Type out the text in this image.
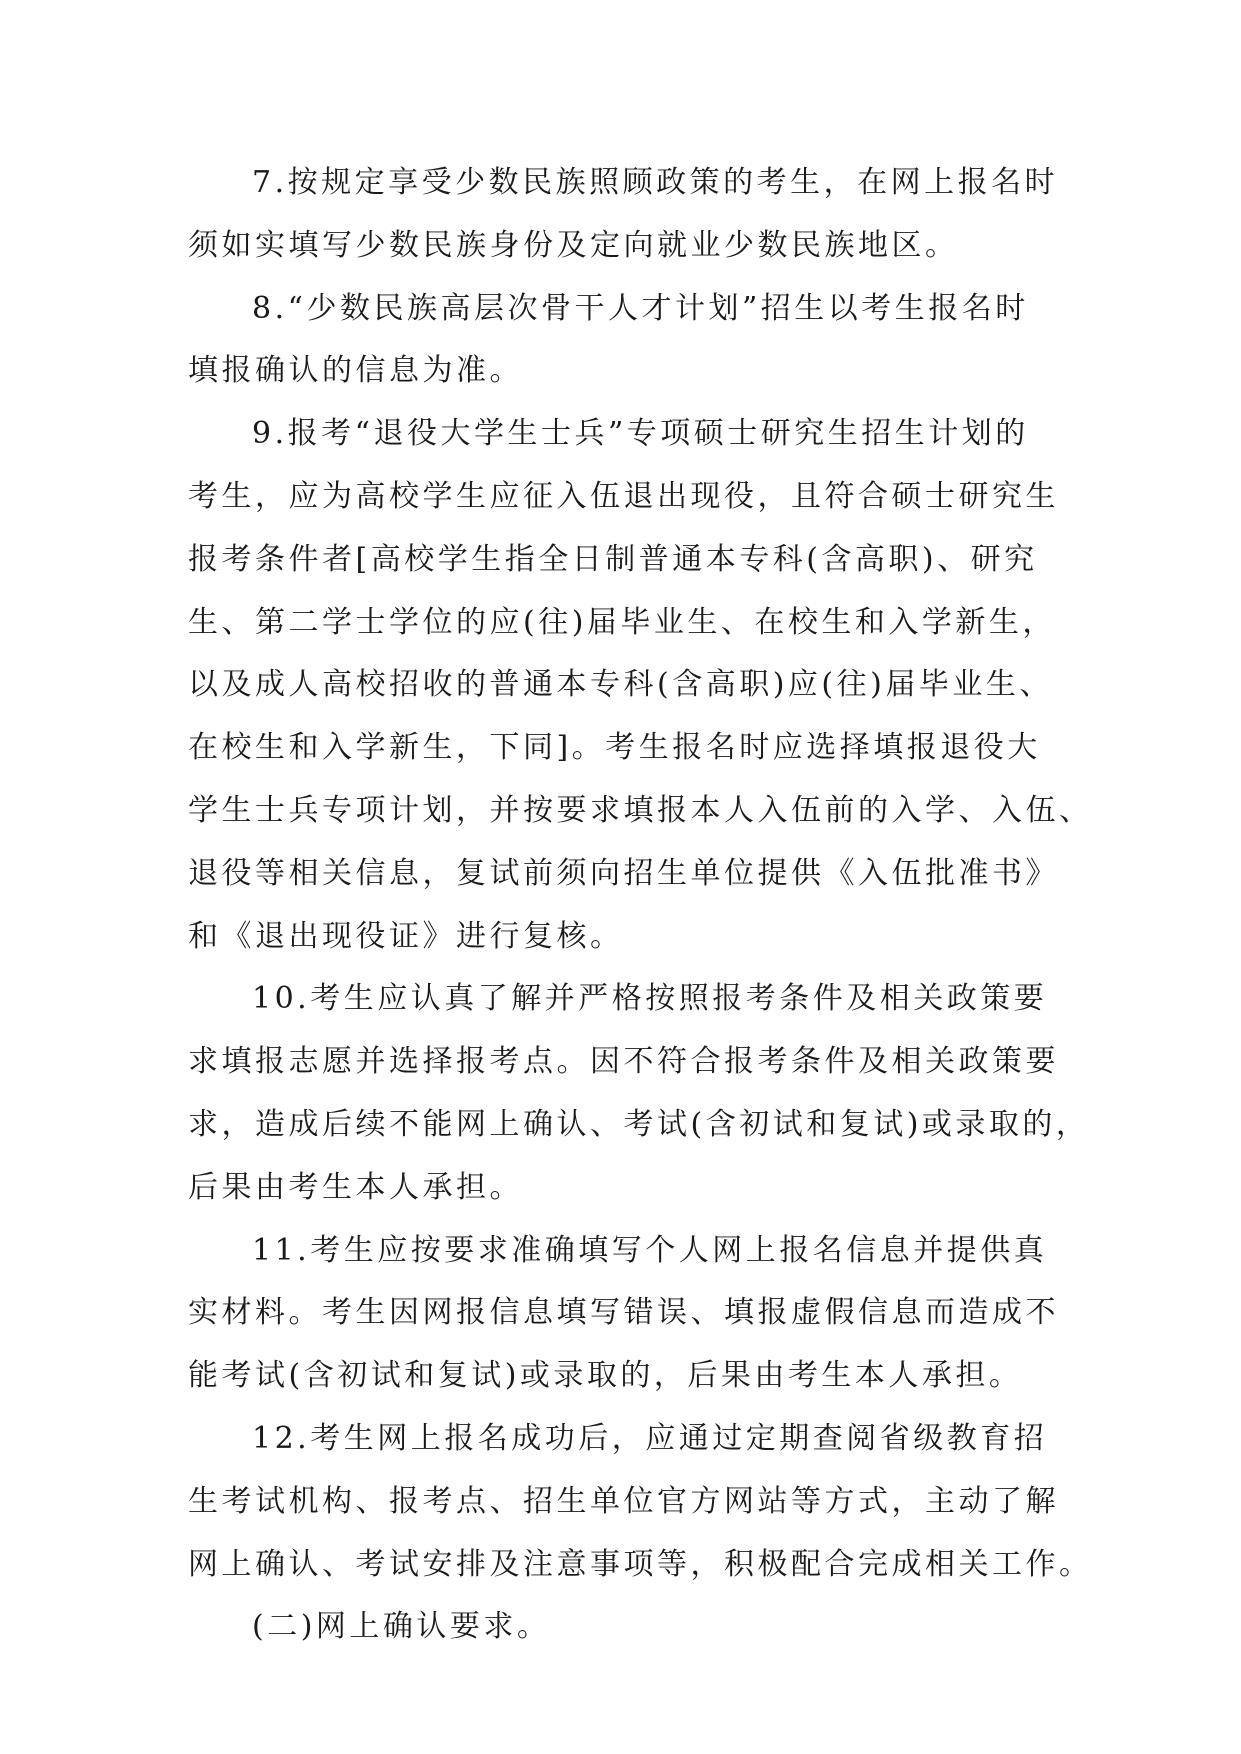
7.按规定享受少数民族照顾政策的考生，在网上报名时
须如实填写少数民族身份及定向就业少数民族地区。
8.“少数民族高层次骨干人才计划”招生以考生报名时
填报确认的信息为准。
9.报考“退役大学生士兵”专项硕士研究生招生计划的
考生，应为高校学生应征入伍退出现役，且符合硕士研究生
报考条件者[高校学生指全日制普通本专科(含高职)、研究
生、第二学士学位的应(往)届毕业生、在校生和入学新生，
以及成人高校招收的普通本专科(含高职)应(往)届毕业生、
在校生和入学新生，下同]。考生报名时应选择填报退役大
学生士兵专项计划，并按要求填报本人入伍前的入学、入伍、
退役等相关信息，复试前须向招生单位提供《入伍批准书》
和《退出现役证》进行复核。
10.考生应认真了解并严格按照报考条件及相关政策要
求填报志愿并选择报考点。因不符合报考条件及相关政策要
求，造成后续不能网上确认、考试(含初试和复试)或录取的，
后果由考生本人承担。
11.考生应按要求准确填写个人网上报名信息并提供真
实材料。考生因网报信息填写错误、填报虚假信息而造成不
能考试(含初试和复试)或录取的，后果由考生本人承担。
12.考生网上报名成功后，应通过定期查阅省级教育招
生考试机构、报考点、招生单位官方网站等方式，主动了解
网上确认、考试安排及注意事项等，积极配合完成相关工作。
(二)网上确认要求。
